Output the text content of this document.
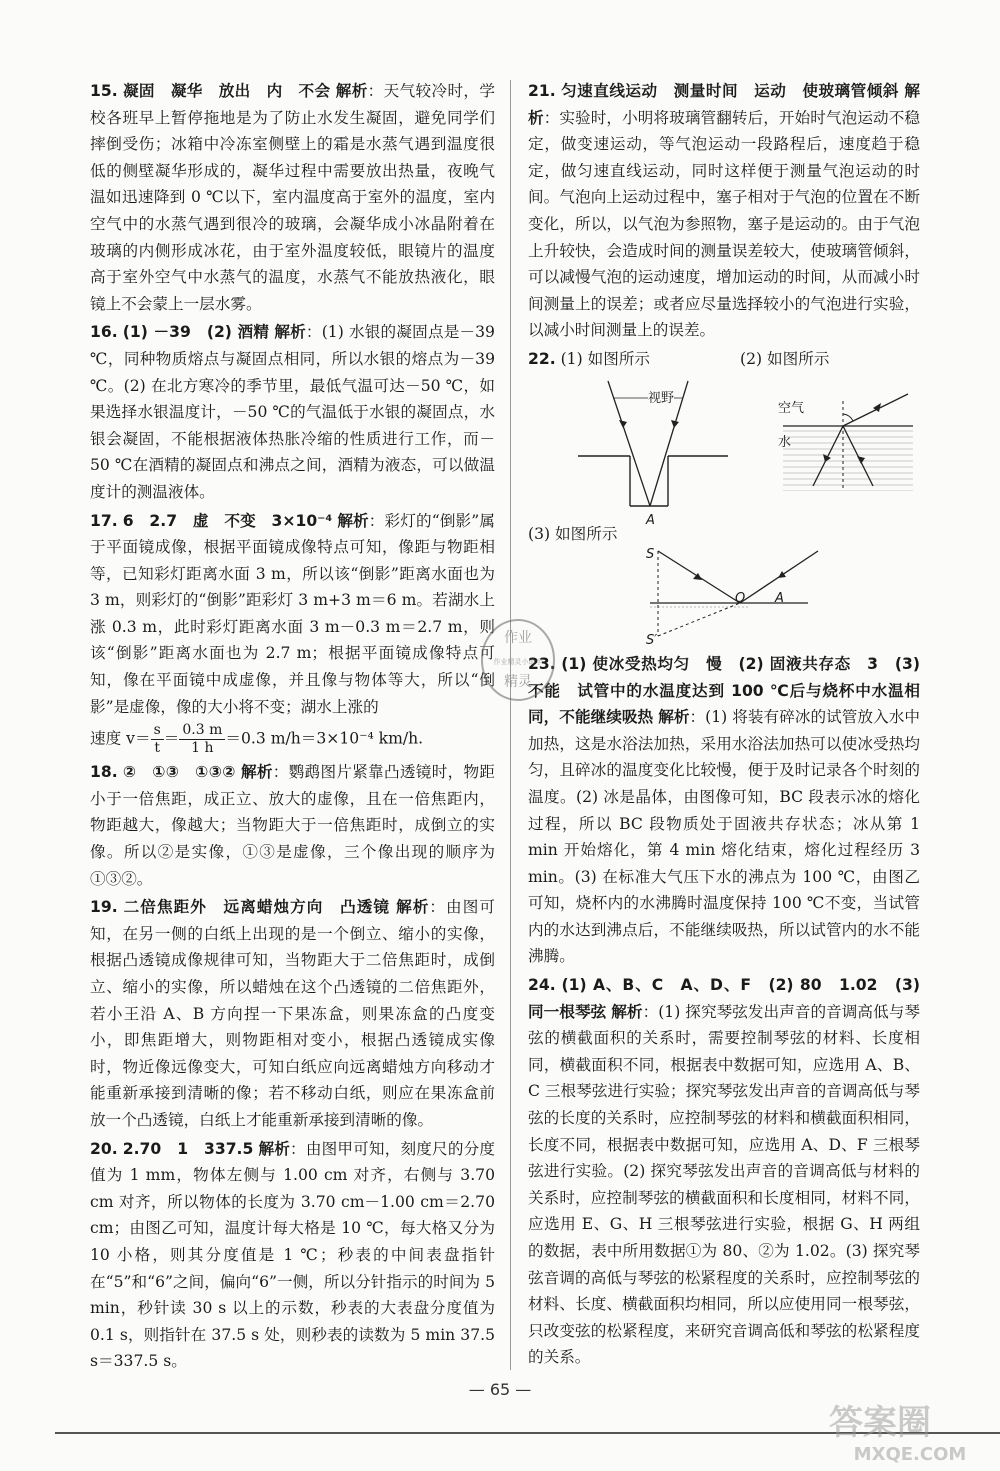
15. 凝固　凝华　放出　内　不会 解析：天气较冷时，学校各班早上暂停拖地是为了防止水发生凝固，避免同学们摔倒受伤；冰箱中冷冻室侧壁上的霜是水蒸气遇到温度很低的侧壁凝华形成的，凝华过程中需要放出热量，夜晚气温如迅速降到 0 ℃以下，室内温度高于室外的温度，室内空气中的水蒸气遇到很冷的玻璃，会凝华成小冰晶附着在玻璃的内侧形成冰花，由于室外温度较低，眼镜片的温度高于室外空气中水蒸气的温度，水蒸气不能放热液化，眼镜上不会蒙上一层水雾。
16. (1) －39　(2) 酒精 解析：(1) 水银的凝固点是－39 ℃，同种物质熔点与凝固点相同，所以水银的熔点为－39 ℃。(2) 在北方寒冷的季节里，最低气温可达－50 ℃，如果选择水银温度计，－50 ℃的气温低于水银的凝固点，水银会凝固，不能根据液体热胀冷缩的性质进行工作，而－50 ℃在酒精的凝固点和沸点之间，酒精为液态，可以做温度计的测温液体。
17. 6　2.7　虚　不变　3×10⁻⁴ 解析：彩灯的“倒影”属于平面镜成像，根据平面镜成像特点可知，像距与物距相等，已知彩灯距离水面 3 m，所以该“倒影”距离水面也为 3 m，则彩灯的“倒影”距彩灯 3 m+3 m＝6 m。若湖水上涨 0.3 m，此时彩灯距离水面 3 m－0.3 m＝2.7 m，则该“倒影”距离水面也为 2.7 m；根据平面镜成像特点可知，像在平面镜中成虚像，并且像与物体等大，所以“倒影”是虚像，像的大小将不变；湖水上涨的
速度 $v= \frac{s}{t} = \frac{0.3 m}{1 h} =0.3$ m/h＝3×10⁻⁴ km/h.
18. ②　①③　①③② 解析：鹦鹉图片紧靠凸透镜时，物距小于一倍焦距，成正立、放大的虚像，且在一倍焦距内，物距越大，像越大；当物距大于一倍焦距时，成倒立的实像。所以②是实像，①③是虚像，三个像出现的顺序为①③②。
19. 二倍焦距外　远离蜡烛方向　凸透镜 解析：由图可知，在另一侧的白纸上出现的是一个倒立、缩小的实像，根据凸透镜成像规律可知，当物距大于二倍焦距时，成倒立、缩小的实像，所以蜡烛在这个凸透镜的二倍焦距外，若小王沿 A、B 方向捏一下果冻盒，则果冻盒的凸度变小，即焦距增大，则物距相对变小，根据凸透镜成实像时，物近像远像变大，可知白纸应向远离蜡烛方向移动才能重新承接到清晰的像；若不移动白纸，则应在果冻盒前放一个凸透镜，白纸上才能重新承接到清晰的像。
20. 2.70　1　337.5 解析：由图甲可知，刻度尺的分度值为 1 mm，物体左侧与 1.00 cm 对齐，右侧与 3.70 cm 对齐，所以物体的长度为 3.70 cm－1.00 cm＝2.70 cm；由图乙可知，温度计每大格是 10 ℃，每大格又分为 10 小格，则其分度值是 1 ℃；秒表的中间表盘指针在“5”和“6”之间，偏向“6”一侧，所以分针指示的时间为 5 min，秒针读 30 s 以上的示数，秒表的大表盘分度值为 0.1 s，则指针在 37.5 s 处，则秒表的读数为 5 min 37.5 s＝337.5 s。
21. 匀速直线运动　测量时间　运动　使玻璃管倾斜 解析：实验时，小明将玻璃管翻转后，开始时气泡运动不稳定，做变速运动，等气泡运动一段路程后，速度趋于稳定，做匀速直线运动，同时这样便于测量气泡运动的时间。气泡向上运动过程中，塞子相对于气泡的位置在不断变化，所以，以气泡为参照物，塞子是运动的。由于气泡上升较快，会造成时间的测量误差较大，使玻璃管倾斜，可以减慢气泡的运动速度，增加运动的时间，从而减小时间测量上的误差；或者应尽量选择较小的气泡进行实验，以减小时间测量上的误差。
22. (1) 如图所示	(2) 如图所示
视野
A
空气
水
(3) 如图所示
S
S′
O A
23. (1) 使冰受热均匀　慢　(2) 固液共存态　3　(3) 不能　试管中的水温度达到 100 ℃后与烧杯中水温相同，不能继续吸热 解析：(1) 将装有碎冰的试管放入水中加热，这是水浴法加热，采用水浴法加热可以使冰受热均匀，且碎冰的温度变化比较慢，便于及时记录各个时刻的温度。(2) 冰是晶体，由图像可知，BC 段表示冰的熔化过程，所以 BC 段物质处于固液共存状态；冰从第 1 min 开始熔化，第 4 min 熔化结束，熔化过程经历 3 min。(3) 在标准大气压下水的沸点为 100 ℃，由图乙可知，烧杯内的水沸腾时温度保持 100 ℃不变，当试管内的水达到沸点后，不能继续吸热，所以试管内的水不能沸腾。
24. (1) A、B、C　A、D、F　(2) 80　1.02　(3) 同一根琴弦 解析：(1) 探究琴弦发出声音的音调高低与琴弦的横截面积的关系时，需要控制琴弦的材料、长度相同，横截面积不同，根据表中数据可知，应选用 A、B、C 三根琴弦进行实验；探究琴弦发出声音的音调高低与琴弦的长度的关系时，应控制琴弦的材料和横截面积相同，长度不同，根据表中数据可知，应选用 A、D、F 三根琴弦进行实验。(2) 探究琴弦发出声音的音调高低与材料的关系时，应控制琴弦的横截面积和长度相同，材料不同，应选用 E、G、H 三根琴弦进行实验，根据 G、H 两组的数据，表中所用数据①为 80、②为 1.02。(3) 探究琴弦音调的高低与琴弦的松紧程度的关系时，应控制琴弦的材料、长度、横截面积均相同，所以应使用同一根琴弦，只改变弦的松紧程度，来研究音调高低和琴弦的松紧程度的关系。
作业
作业精灵小助手
精灵
— 65 —
答案圈
MXQE.COM
